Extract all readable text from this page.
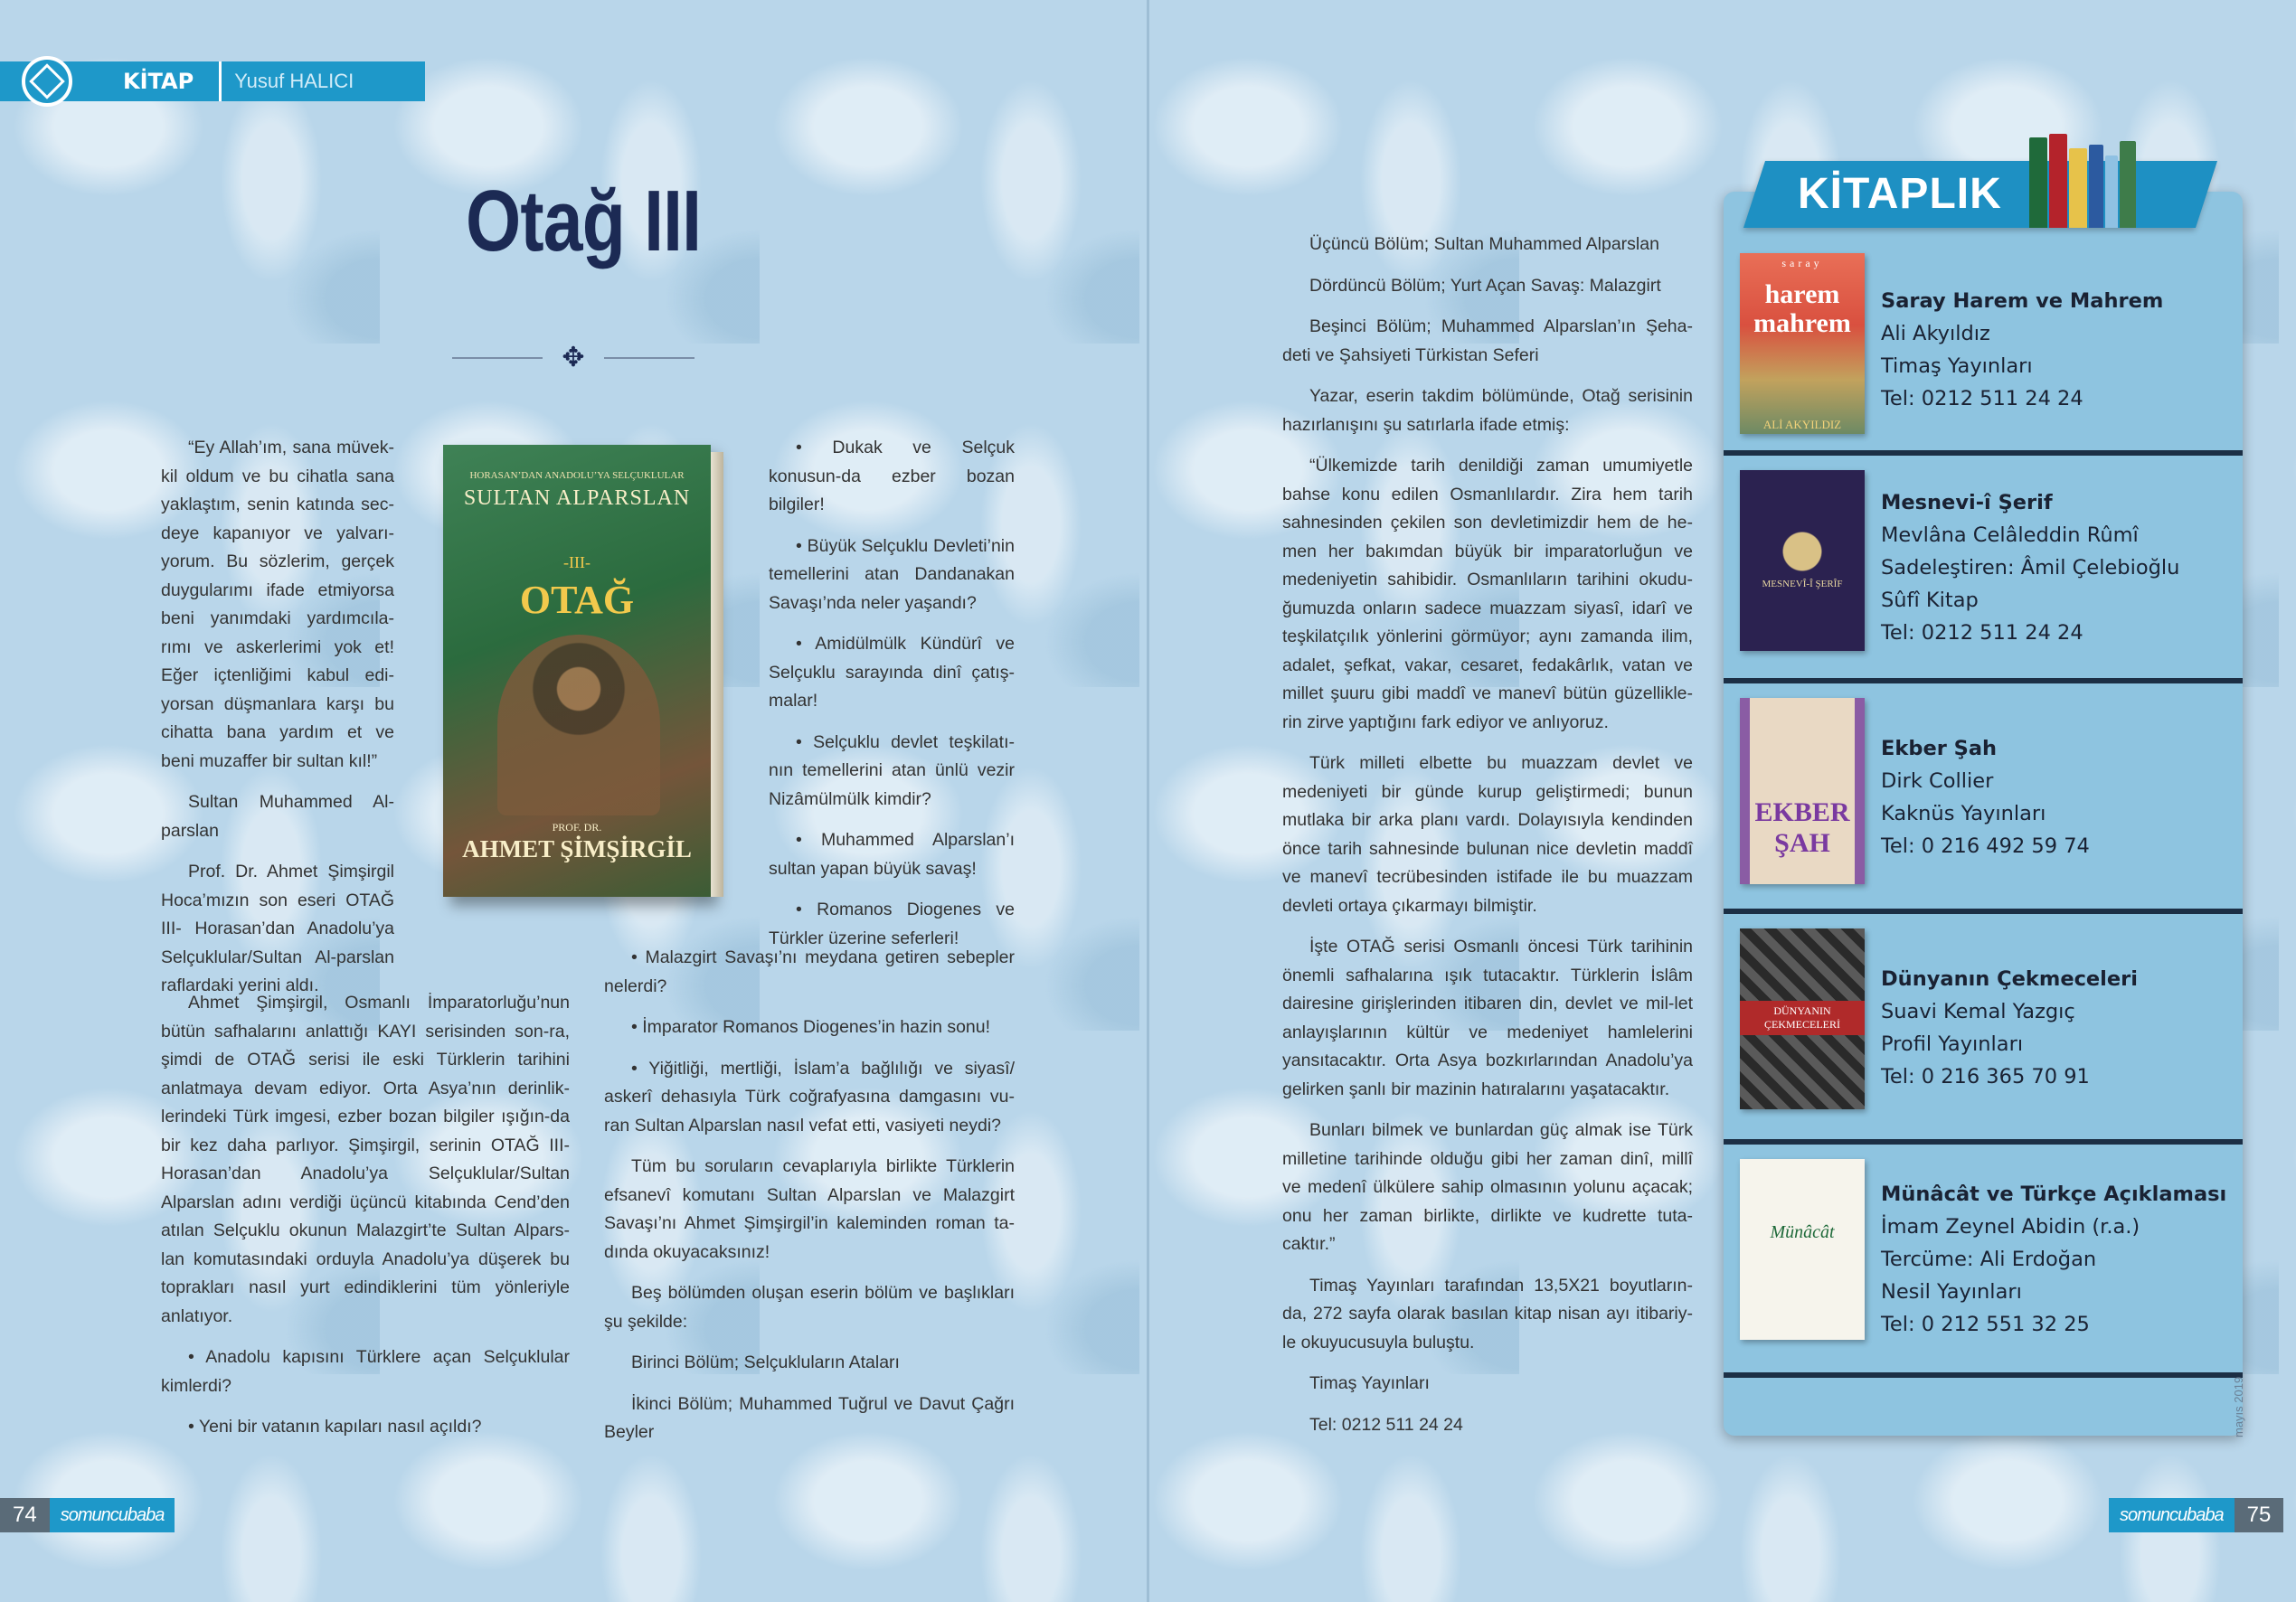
KİTAP	Yusuf HALICI
Otağ III
✥

“Ey Allah’ım, sana müvek-kil oldum ve bu cihatla sana yaklaştım, senin katında sec-deye kapanıyor ve yalvarı-yorum. Bu sözlerim, gerçek duygularımı ifade etmiyorsa beni yanımdaki yardımcıla-rımı ve askerlerimi yok et! Eğer içtenliğimi kabul edi-yorsan düşmanlara karşı bu cihatta bana yardım et ve beni muzaffer bir sultan kıl!”

Sultan Muhammed Al-parslan

Prof. Dr. Ahmet Şimşirgil Hoca’mızın son eseri OTAĞ III- Horasan’dan Anadolu’ya Selçuklular/Sultan Al-parslan raflardaki yerini aldı.

Ahmet Şimşirgil, Osmanlı İmparatorluğu’nun bütün safhalarını anlattığı KAYI serisinden son-ra, şimdi de OTAĞ serisi ile eski Türklerin tarihini anlatmaya devam ediyor. Orta Asya’nın derinlik-lerindeki Türk imgesi, ezber bozan bilgiler ışığın-da bir kez daha parlıyor. Şimşirgil, serinin OTAĞ III- Horasan’dan Anadolu’ya Selçuklular/Sultan Alparslan adını verdiği üçüncü kitabında Cend’den atılan Selçuklu okunun Malazgirt’te Sultan Alpars-lan komutasındaki orduyla Anadolu’ya düşerek bu toprakları nasıl yurt edindiklerini tüm yönleriyle anlatıyor.

• Anadolu kapısını Türklere açan Selçuklular kimlerdi?

• Yeni bir vatanın kapıları nasıl açıldı?

HORASAN’DAN ANADOLU’YA SELÇUKLULAR
SULTAN ALPARSLAN
-III-
OTAĞ
PROF. DR.
AHMET ŞİMŞİRGİL

• Dukak ve Selçuk konusun-da ezber bozan bilgiler!

• Büyük Selçuklu Devleti’nin temellerini atan Dandanakan Savaşı’nda neler yaşandı?

• Amidülmülk Kündürî ve Selçuklu sarayında dinî çatış-malar!

• Selçuklu devlet teşkilatı-nın temellerini atan ünlü vezir Nizâmülmülk kimdir?

• Muhammed Alparslan’ı sultan yapan büyük savaş!

• Romanos Diogenes ve Türkler üzerine seferleri!

• Malazgirt Savaşı’nı meydana getiren sebepler nelerdi?

• İmparator Romanos Diogenes’in hazin sonu!

• Yiğitliği, mertliği, İslam’a bağlılığı ve siyasî/ askerî dehasıyla Türk coğrafyasına damgasını vu-ran Sultan Alparslan nasıl vefat etti, vasiyeti neydi?

Tüm bu soruların cevaplarıyla birlikte Türklerin efsanevî komutanı Sultan Alparslan ve Malazgirt Savaşı’nı Ahmet Şimşirgil’in kaleminden roman ta-dında okuyacaksınız!

Beş bölümden oluşan eserin bölüm ve başlıkları şu şekilde:

Birinci Bölüm; Selçukluların Ataları

İkinci Bölüm; Muhammed Tuğrul ve Davut Çağrı Beyler

Üçüncü Bölüm; Sultan Muhammed Alparslan

Dördüncü Bölüm; Yurt Açan Savaş: Malazgirt

Beşinci Bölüm; Muhammed Alparslan’ın Şeha-deti ve Şahsiyeti Türkistan Seferi

Yazar, eserin takdim bölümünde, Otağ serisinin hazırlanışını şu satırlarla ifade etmiş:

“Ülkemizde tarih denildiği zaman umumiyetle bahse konu edilen Osmanlılardır. Zira hem tarih sahnesinden çekilen son devletimizdir hem de he-men her bakımdan büyük bir imparatorluğun ve medeniyetin sahibidir. Osmanlıların tarihini okudu-ğumuzda onların sadece muazzam siyasî, idarî ve teşkilatçılık yönlerini görmüyor; aynı zamanda ilim, adalet, şefkat, vakar, cesaret, fedakârlık, vatan ve millet şuuru gibi maddî ve manevî bütün güzellikle-rin zirve yaptığını fark ediyor ve anlıyoruz.

Türk milleti elbette bu muazzam devlet ve medeniyeti bir günde kurup geliştirmedi; bunun mutlaka bir arka planı vardı. Dolayısıyla kendinden önce tarih sahnesinde bulunan nice devletin maddî ve manevî tecrübesinden istifade ile bu muazzam devleti ortaya çıkarmayı bilmiştir.

İşte OTAĞ serisi Osmanlı öncesi Türk tarihinin önemli safhalarına ışık tutacaktır. Türklerin İslâm dairesine girişlerinden itibaren din, devlet ve mil-let anlayışlarının kültür ve medeniyet hamlelerini yansıtacaktır. Orta Asya bozkırlarından Anadolu’ya gelirken şanlı bir mazinin hatıralarını yaşatacaktır.

Bunları bilmek ve bunlardan güç almak ise Türk milletine tarihinde olduğu gibi her zaman dinî, millî ve medenî ülkülere sahip olmasının yolunu açacak; onu her zaman birlikte, dirlikte ve kudrette tuta-caktır.”

Timaş Yayınları tarafından 13,5X21 boyutların-da, 272 sayfa olarak basılan kitap nisan ayı itibariy-le okuyucusuyla buluştu.

Timaş Yayınları

Tel: 0212 511 24 24

KİTAPLIK
harem mahrem
saray
ALİ AKYILDIZ
Saray Harem ve Mahrem
Ali Akyıldız
Timaş Yayınları
Tel: 0212 511 24 24
MESNEVÎ-Î ŞERÎF
Mesnevi-î Şerif
Mevlâna Celâleddin Rûmî
Sadeleştiren: Âmil Çelebioğlu
Sûfî Kitap
Tel: 0212 511 24 24
EKBER ŞAH
Ekber Şah
Dirk Collier
Kaknüs Yayınları
Tel: 0 216 492 59 74
DÜNYANIN ÇEKMECELERİ
Dünyanın Çekmeceleri
Suavi Kemal Yazgıç
Profil Yayınları
Tel: 0 216 365 70 91
Münâcât
Münâcât ve Türkçe Açıklaması
İmam Zeynel Abidin (r.a.)
Tercüme: Ali Erdoğan
Nesil Yayınları
Tel: 0 212 551 32 25
74	somuncubaba	somuncubaba	75
mayıs 2019
